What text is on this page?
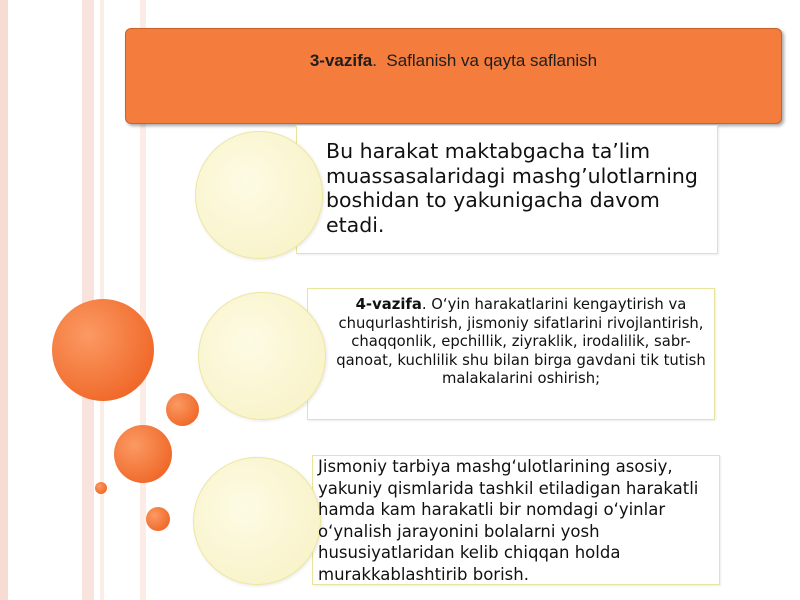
3-vazifa.  Saflanish va qayta saflanish
Bu harakat maktabgacha ta’lim muassasalaridagi mashg’ulotlarning boshidan to yakunigacha davom etadi.
4-vazifa. O‘yin harakatlarini kengaytirish va chuqurlashtirish, jismoniy sifatlarini rivojlantirish, chaqqonlik, epchillik, ziyraklik, irodalilik, sabr-qanoat, kuchlilik shu bilan birga gavdani tik tutish malakalarini oshirish;
Jismoniy tarbiya mashg‘ulotlarining asosiy, yakuniy qismlarida tashkil etiladigan harakatli hamda kam harakatli bir nomdagi o‘yinlar o‘ynalish jarayonini bolalarni yosh hususiyatlaridan kelib chiqqan holda murakkablashtirib borish.
